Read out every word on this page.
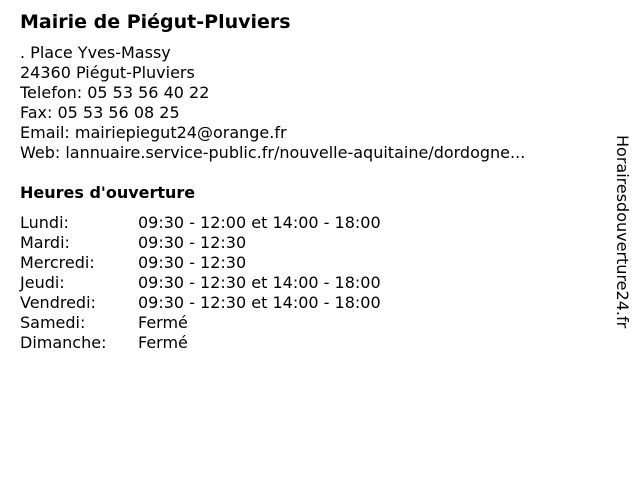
Mairie de Piégut-Pluviers
. Place Yves-Massy
24360 Piégut-Pluviers
Telefon: 05 53 56 40 22
Fax: 05 53 56 08 25
Email: mairiepiegut24@orange.fr
Web: lannuaire.service-public.fr/nouvelle-aquitaine/dordogne...
Heures d'ouverture
Lundi:	09:30 - 12:00 et 14:00 - 18:00
Mardi:	09:30 - 12:30
Mercredi:	09:30 - 12:30
Jeudi:	09:30 - 12:30 et 14:00 - 18:00
Vendredi:	09:30 - 12:30 et 14:00 - 18:00
Samedi:	Fermé
Dimanche: Fermé
Horairesdouverture24.fr
